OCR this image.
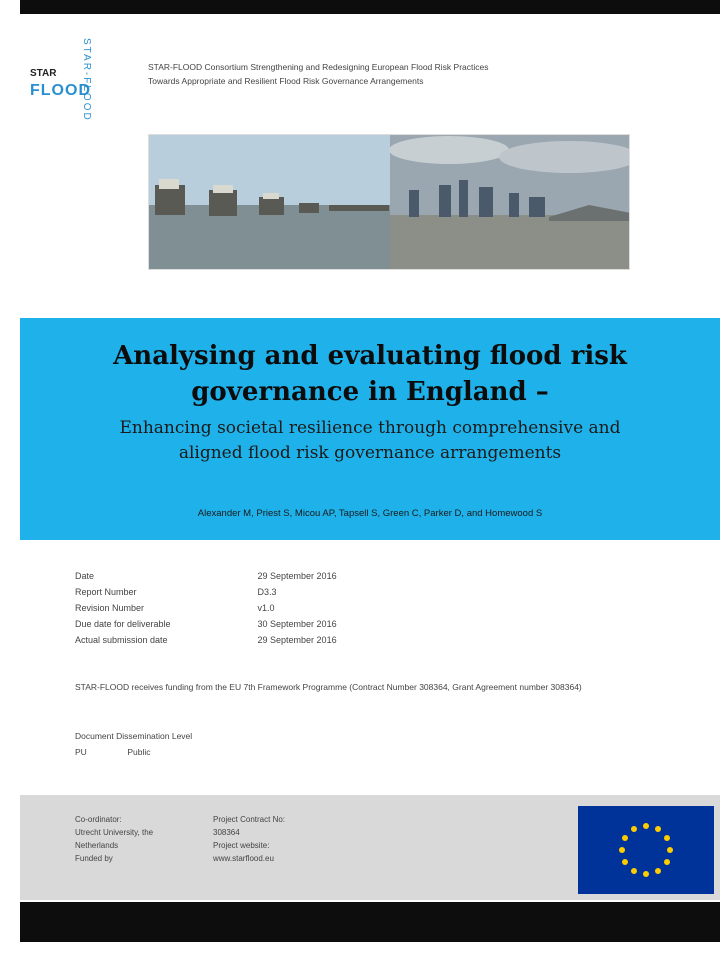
STAR-FLOOD
STAR
FLOOD
STAR-FLOOD Consortium Strengthening and Redesigning European Flood Risk Practices
Towards Appropriate and Resilient Flood Risk Governance Arrangements
Analysing and evaluating flood risk governance in England –
Enhancing societal resilience through comprehensive and aligned flood risk governance arrangements
Alexander M, Priest S, Micou AP, Tapsell S, Green C, Parker D, and Homewood S
Date	29 September 2016
Report Number	D3.3
Revision Number	v1.0
Due date for deliverable	30 September 2016
Actual submission date	29 September 2016
STAR-FLOOD receives funding from the EU 7th Framework Programme (Contract Number 308364, Grant Agreement number 308364)
Document Dissemination Level
PU	Public
Co-ordinator:
Utrecht University, the
Netherlands
Funded by
Project Contract No:
308364
Project website:
www.starflood.eu
